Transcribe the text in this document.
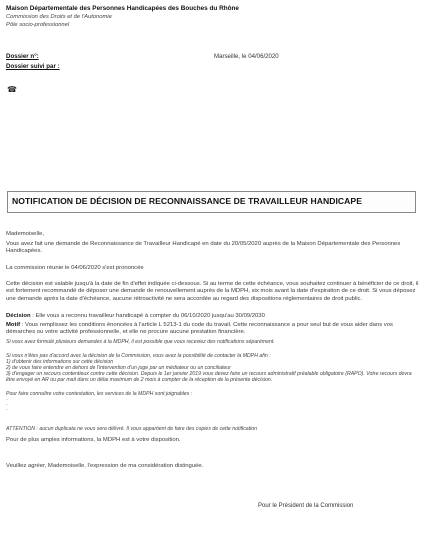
Maison Départementale des Personnes Handicapées des Bouches du Rhône
Commission des Droits et de l'Autonomie
Pôle socio-professionnel
Dossier n°:
Dossier suivi par :
Marseille, le 04/06/2020
☎
NOTIFICATION DE DÉCISION DE RECONNAISSANCE DE TRAVAILLEUR HANDICAPE
Mademoiselle,
Vous avez fait une demande de Reconnaissance de Travailleur Handicapé en date du 20/05/2020 auprès de la Maison Départementale des Personnes Handicapées.
La commission réunie le 04/06/2020 s'est prononcée
Cette décision est valable jusqu'à la date de fin d'effet indiquée ci-dessous. Si au terme de cette échéance, vous souhaitez continuer à bénéficier de ce droit, il est fortement recommandé de déposer une demande de renouvellement auprès de la MDPH, six mois avant la date d'expiration de ce droit. Si vous déposez une demande après la date d'échéance, aucune rétroactivité ne sera accordée au regard des dispositions réglementaires de droit public.
Décision : Elle vous a reconnu travailleur handicapé à compter du 06/10/2020 jusqu'au 30/09/2030
Motif : Vous remplissez les conditions énoncées à l'article L 5213-1 du code du travail. Cette reconnaissance a pour seul but de vous aider dans vos démarches ou votre activité professionnelle, et elle ne procure aucune prestation financière.
Si vous avez formulé plusieurs demandes à la MDPH, il est possible que vous receviez des notifications séparément.
Si vous n'êtes pas d'accord avec la décision de la Commission, vous avez la possibilité de contacter la MDPH afin :
1) d'obtenir des informations sur cette décision
2) de vous faire entendre en dehors de l'intervention d'un juge par un médiateur ou un conciliateur
3) d'engager un recours contentieux contre cette décision. Depuis le 1er janvier 2019 vous devez faire un recours administratif préalable obligatoire (RAPO). Votre recours devra être envoyé en AR ou par mail dans un délai maximum de 2 mois à compter de la réception de la présente décision.
Pour faire connaître votre contestation, les services de la MDPH sont joignables :
·
·
·
ATTENTION : aucun duplicata ne vous sera délivré. Il vous appartient de faire des copies de cette notification
Pour de plus amples informations, la MDPH est à votre disposition.
Veuillez agréer, Mademoiselle, l'expression de ma considération distinguée.
Pour le Président de la Commission
